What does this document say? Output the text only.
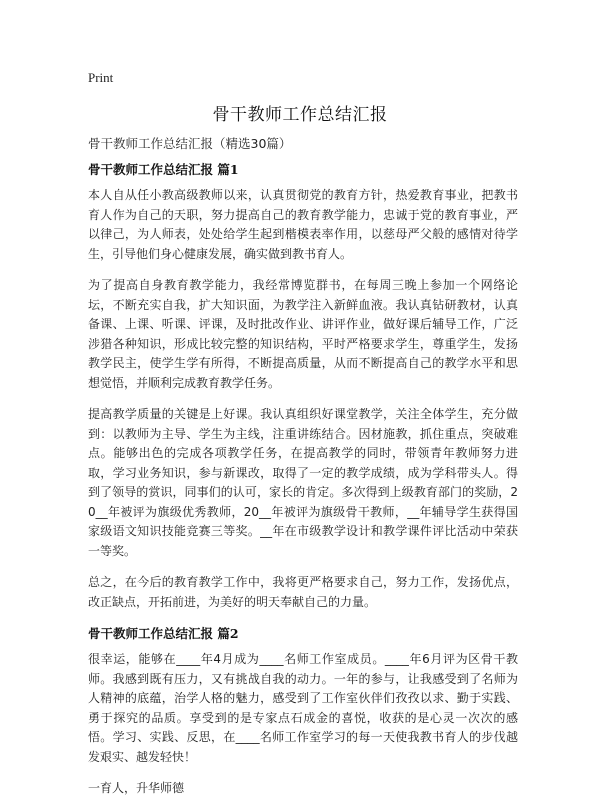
Print
骨干教师工作总结汇报
骨干教师工作总结汇报（精选30篇）
骨干教师工作总结汇报 篇1

本人自从任小教高级教师以来，认真贯彻党的教育方针，热爱教育事业，把教书育人作为自己的天职，努力提高自己的教育教学能力，忠诚于党的教育事业，严以律己，为人师表，处处给学生起到楷模表率作用，以慈母严父般的感情对待学生，引导他们身心健康发展，确实做到教书育人。

为了提高自身教育教学能力，我经常博览群书，在每周三晚上参加一个网络论坛，不断充实自我，扩大知识面，为教学注入新鲜血液。我认真钻研教材，认真备课、上课、听课、评课，及时批改作业、讲评作业，做好课后辅导工作，广泛涉猎各种知识，形成比较完整的知识结构，平时严格要求学生，尊重学生，发扬教学民主，使学生学有所得，不断提高质量，从而不断提高自己的教学水平和思想觉悟，并顺利完成教育教学任务。

提高教学质量的关键是上好课。我认真组织好课堂教学，关注全体学生，充分做到：以教师为主导、学生为主线，注重讲练结合。因材施教，抓住重点，突破难点。能够出色的完成各项教学任务，在提高教学的同时，带领青年教师努力进取，学习业务知识，参与新课改，取得了一定的教学成绩，成为学科带头人。得到了领导的赏识，同事们的认可，家长的肯定。多次得到上级教育部门的奖励，20__年被评为旗级优秀教师，20__年被评为旗级骨干教师，__年辅导学生获得国家级语文知识技能竞赛三等奖。__年在市级教学设计和教学课件评比活动中荣获一等奖。

总之，在今后的教育教学工作中，我将更严格要求自己，努力工作，发扬优点，改正缺点，开拓前进，为美好的明天奉献自己的力量。

骨干教师工作总结汇报 篇2

很幸运，能够在____年4月成为____名师工作室成员。____年6月评为区骨干教师。我感到既有压力，又有挑战自我的动力。一年的参与，让我感受到了名师为人精神的底蕴，治学人格的魅力，感受到了工作室伙伴们孜孜以求、勤于实践、勇于探究的品质。享受到的是专家点石成金的喜悦，收获的是心灵一次次的感悟。学习、实践、反思，在____名师工作室学习的每一天使我教书育人的步伐越发艰实、越发轻快！

一育人，升华师德
